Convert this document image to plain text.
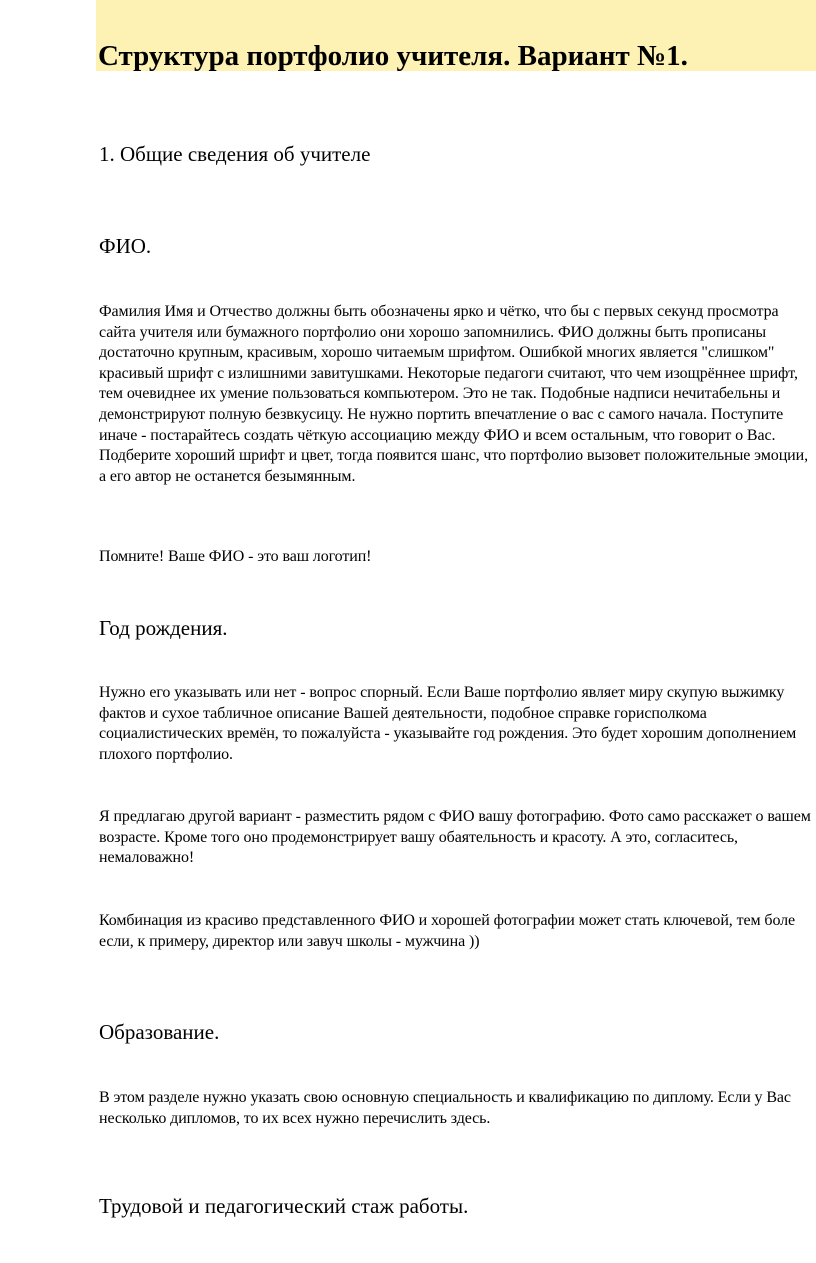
Структура портфолио учителя. Вариант №1.
1. Общие сведения об учителе
ФИО.

Фамилия Имя и Отчество должны быть обозначены ярко и чётко, что бы с первых секунд просмотра сайта учителя или бумажного портфолио они хорошо запомнились. ФИО должны быть прописаны достаточно крупным, красивым, хорошо читаемым шрифтом. Ошибкой многих является "слишком" красивый шрифт с излишними завитушками. Некоторые педагоги считают, что чем изощрённее шрифт, тем очевиднее их умение пользоваться компьютером. Это не так. Подобные надписи нечитабельны и демонстрируют полную безвкусицу. Не нужно портить впечатление о вас с самого начала. Поступите иначе - постарайтесь создать чёткую ассоциацию между ФИО и всем остальным, что говорит о Вас. Подберите хороший шрифт и цвет, тогда появится шанс, что портфолио вызовет положительные эмоции, а его автор не останется безымянным.

Помните! Ваше ФИО - это ваш логотип!

Год рождения.

Нужно его указывать или нет - вопрос спорный. Если Ваше портфолио являет миру скупую выжимку фактов и сухое табличное описание Вашей деятельности, подобное справке горисполкома социалистических времён, то пожалуйста - указывайте год рождения. Это будет хорошим дополнением плохого портфолио.

Я предлагаю другой вариант - разместить рядом с ФИО вашу фотографию. Фото само расскажет о вашем возрасте. Кроме того оно продемонстрирует вашу обаятельность и красоту. А это, согласитесь, немаловажно!

Комбинация из красиво представленного ФИО и хорошей фотографии может стать ключевой, тем боле если, к примеру, директор или завуч школы - мужчина ))

Образование.

В этом разделе нужно указать свою основную специальность и квалификацию по диплому. Если у Вас несколько дипломов, то их всех нужно перечислить здесь.

Трудовой и педагогический стаж работы.
